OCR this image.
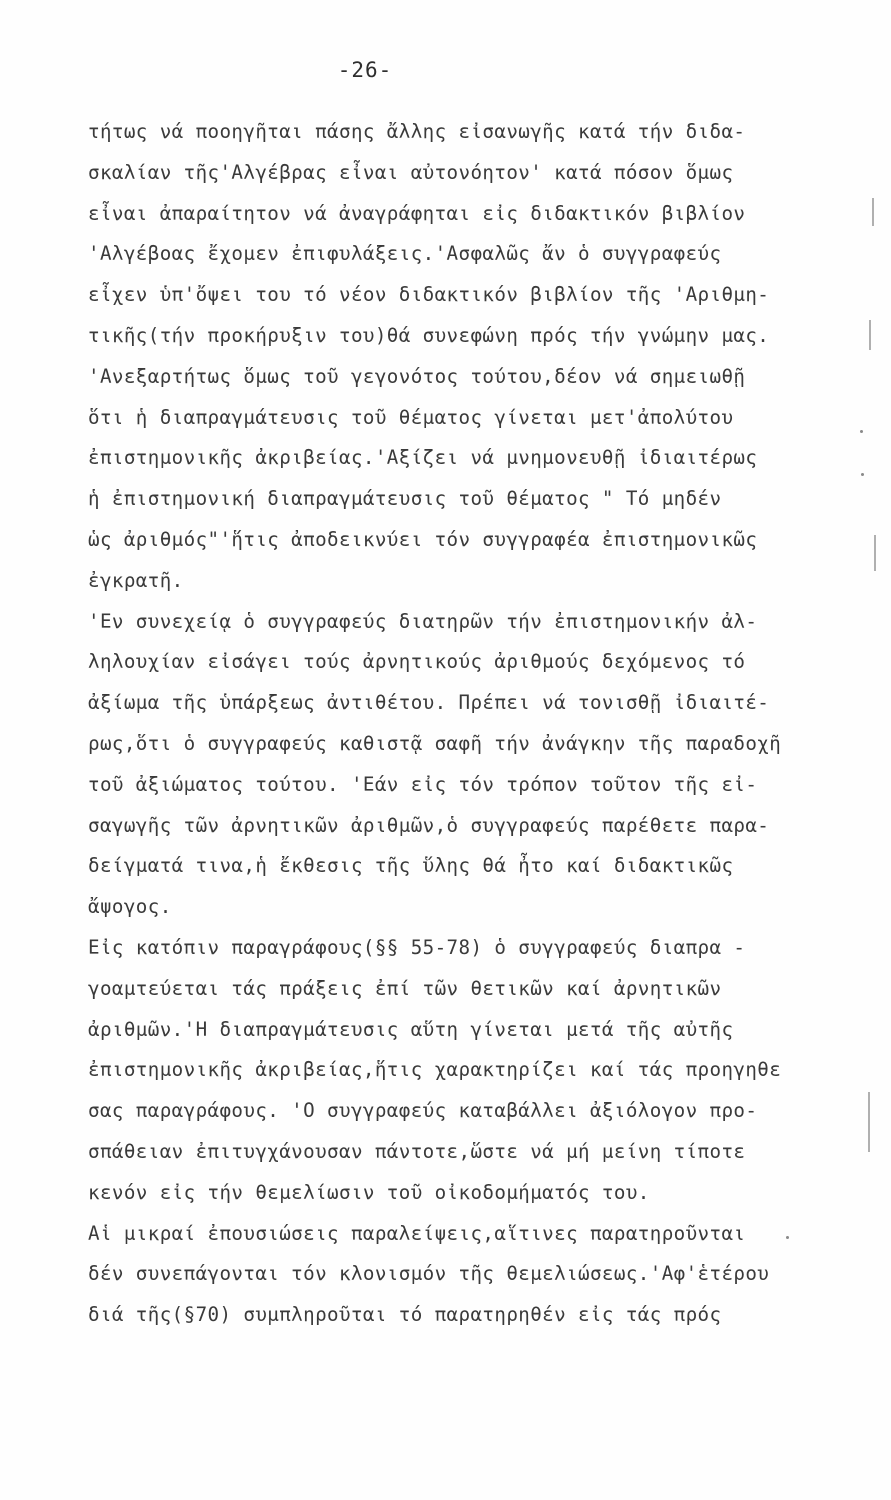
-26-
τήτως νά ποοηγῆται πάσης ἄλλης εἰσανωγῆς κατά τήν διδα-
σκαλίαν τῆς'Αλγέβρας εἶναι αὐτονόητον' κατά πόσον ὅμως
εἶναι ἀπαραίτητον νά ἀναγράφηται εἰς διδακτικόν βιβλίον
'Αλγέβοας ἔχομεν ἐπιφυλάξεις.'Ασφαλῶς ἄν ὁ συγγραφεύς
εἶχεν ὑπ'ὄψει του τό νέον διδακτικόν βιβλίον τῆς 'Αριθμη-
τικῆς(τήν προκήρυξιν του)θά συνεφώνη πρός τήν γνώμην μας.
'Ανεξαρτήτως ὅμως τοῦ γεγονότος τούτου,δέον νά σημειωθῇ
ὅτι ἡ διαπραγμάτευσις τοῦ θέματος γίνεται μετ'ἀπολύτου
ἐπιστημονικῆς ἀκριβείας.'Αξίζει νά μνημονευθῇ ἰδιαιτέρως
ἡ ἐπιστημονική διαπραγμάτευσις τοῦ θέματος " Τό μηδέν
ὡς ἀριθμός"'ἥτις ἀποδεικνύει τόν συγγραφέα ἐπιστημονικῶς
ἐγκρατῆ.
'Εν συνεχείᾳ ὁ συγγραφεύς διατηρῶν τήν ἐπιστημονικήν ἀλ-
ληλουχίαν εἰσάγει τούς ἀρνητικούς ἀριθμούς δεχόμενος τό
ἀξίωμα τῆς ὑπάρξεως ἀντιθέτου. Πρέπει νά τονισθῇ ἰδιαιτέ-
ρως,ὅτι ὁ συγγραφεύς καθιστᾷ σαφῆ τήν ἀνάγκην τῆς παραδοχῆ
τοῦ ἀξιώματος τούτου. 'Εάν εἰς τόν τρόπον τοῦτον τῆς εἰ-
σαγωγῆς τῶν ἀρνητικῶν ἀριθμῶν,ὁ συγγραφεύς παρέθετε παρα-
δείγματά τινα,ἡ ἔκθεσις τῆς ὕλης θά ἦτο καί διδακτικῶς
ἄψογος.
Εἰς κατόπιν παραγράφους(§§ 55-78) ὁ συγγραφεύς διαπρα -
γοαμτεύεται τάς πράξεις ἐπί τῶν θετικῶν καί ἀρνητικῶν
ἀριθμῶν.'Η διαπραγμάτευσις αὕτη γίνεται μετά τῆς αὐτῆς
ἐπιστημονικῆς ἀκριβείας,ἥτις χαρακτηρίζει καί τάς προηγηθε
σας παραγράφους. 'Ο συγγραφεύς καταβάλλει ἀξιόλογον προ-
σπάθειαν ἐπιτυγχάνουσαν πάντοτε,ὥστε νά μή μείνη τίποτε
κενόν εἰς τήν θεμελίωσιν τοῦ οἰκοδομήματός του.
Αἱ μικραί ἐπουσιώσεις παραλείψεις,αἵτινες παρατηροῦνται
δέν συνεπάγονται τόν κλονισμόν τῆς θεμελιώσεως.'Αφ'ἑτέρου
διά τῆς(§70) συμπληροῦται τό παρατηρηθέν εἰς τάς πρός
